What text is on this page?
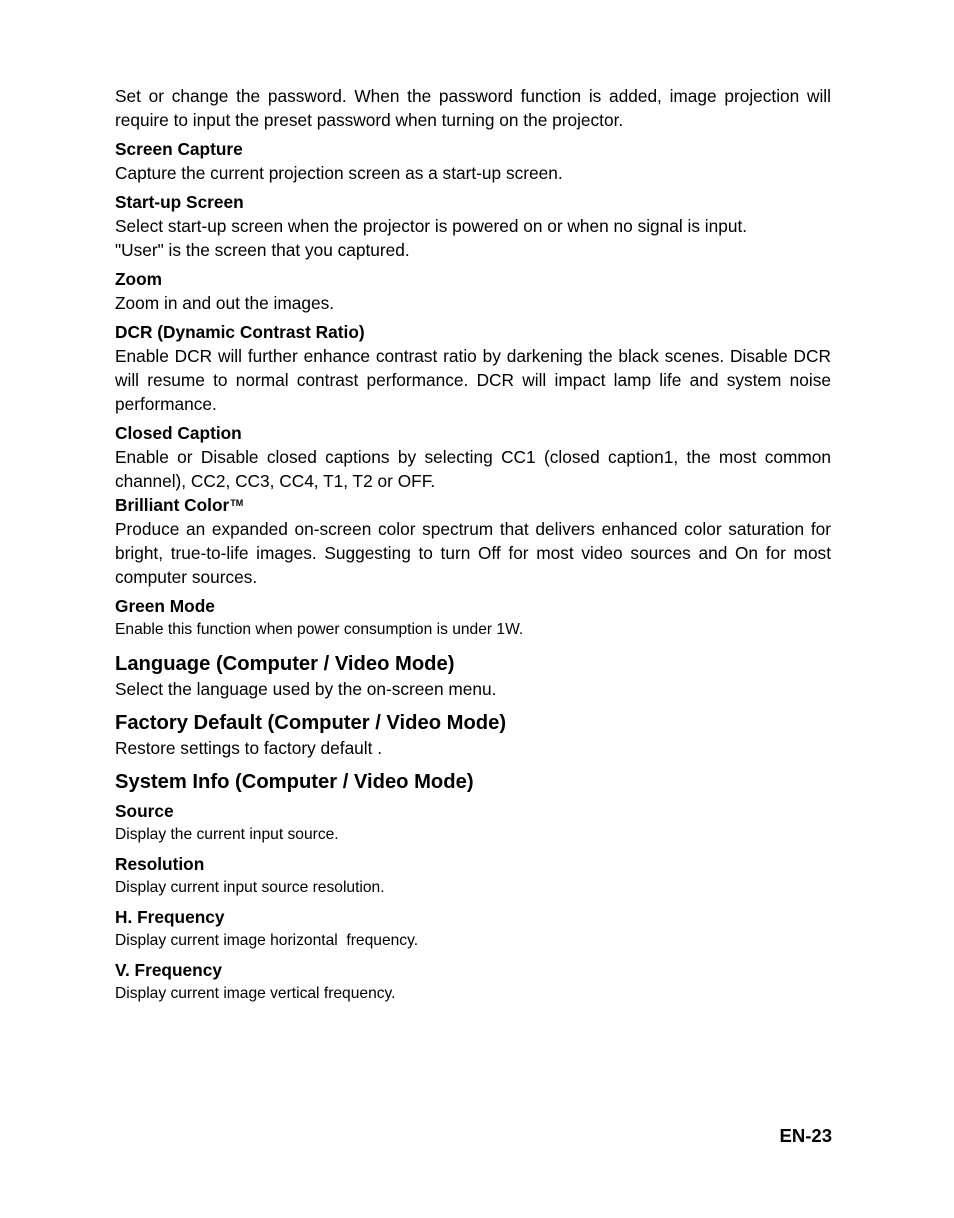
Set or change the password. When the password function is added, image projection will require to input the preset password when turning on the projector.

Screen Capture

Capture the current projection screen as a start-up screen.

Start-up Screen

Select start-up screen when the projector is powered on or when no signal is input.

"User" is the screen that you captured.

Zoom

Zoom in and out the images.

DCR (Dynamic Contrast Ratio)

Enable DCR will further enhance contrast ratio by darkening the black scenes. Disable DCR will resume to normal contrast performance. DCR will impact lamp life and system noise performance.

Closed Caption

Enable or Disable closed captions by selecting CC1 (closed caption1, the most common channel), CC2, CC3, CC4, T1, T2 or OFF.

Brilliant Color™

Produce an expanded on-screen color spectrum that delivers enhanced color saturation for bright, true-to-life images. Suggesting to turn Off for most video sources and On for most computer sources.

Green Mode

Enable this function when power consumption is under 1W.

Language (Computer / Video Mode)

Select the language used by the on-screen menu.

Factory Default (Computer / Video Mode)

Restore settings to factory default .

System Info (Computer / Video Mode)

Source

Display the current input source.

Resolution

Display current input source resolution.

H. Frequency

Display current image horizontal  frequency.

V. Frequency

Display current image vertical frequency.

EN-23
